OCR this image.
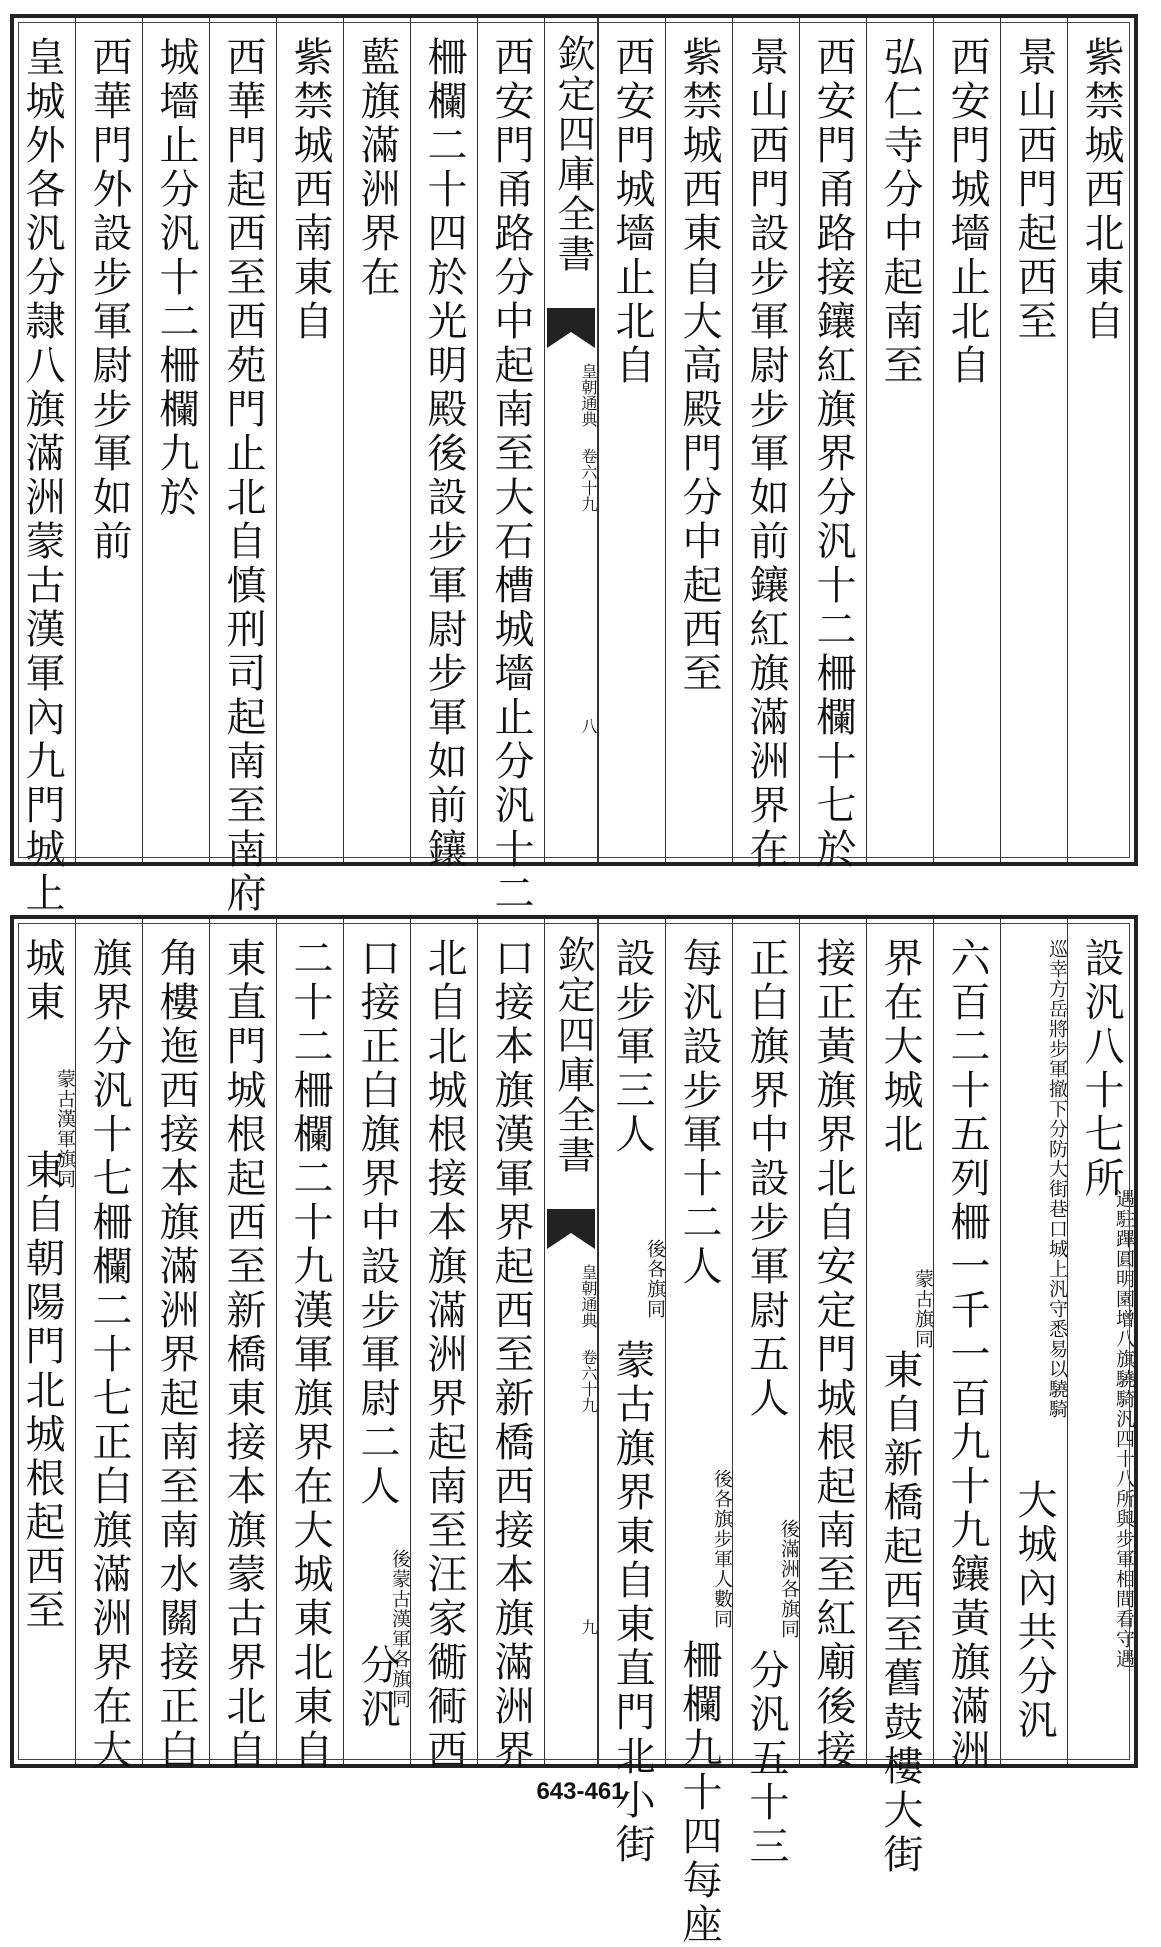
紫禁城西北東自
景山西門起西至
西安門城墻止北自
弘仁寺分中起南至
西安門甬路接鑲紅旗界分汎十二柵欄十七於
景山西門設步軍尉步軍如前鑲紅旗滿洲界在
紫禁城西東自大高殿門分中起西至
西安門城墻止北自
欽定四庫全書
皇朝通典
卷六十九
八
西安門甬路分中起南至大石槽城墻止分汎十二
柵欄二十四於光明殿後設步軍尉步軍如前鑲
藍旗滿洲界在
紫禁城西南東自
西華門起西至西苑門止北自慎刑司起南至南府
城墻止分汎十二柵欄九於
西華門外設步軍尉步軍如前
皇城外各汎分隷八旗滿洲蒙古漢軍內九門城上
設汎八十七所
遇駐蹕圓明園增八旗驍騎汎四十八所與步軍相間看守遇
巡幸方岳將步軍撤下分防大街巷口城上汎守悉易以驍騎
大城內共分汎
六百二十五列柵一千一百九十九鑲黃旗滿洲
界在大城北
蒙古旗同
東自新橋起西至舊鼓樓大街
接正黃旗界北自安定門城根起南至紅廟後接
正白旗界中設步軍尉五人
後滿洲各旗同
分汎五十三
每汎設步軍十二人
後各旗步軍人數同
柵欄九十四每座
設步軍三人
後各旗同
蒙古旗界東自東直門北小街
欽定四庫全書
皇朝通典
卷六十九
九
口接本旗漢軍界起西至新橋西接本旗滿洲界
北自北城根接本旗滿洲界起南至汪家衚衕西
口接正白旗界中設步軍尉二人
後蒙古漢軍各旗同
分汎
二十二柵欄二十九漢軍旗界在大城東北東自
東直門城根起西至新橋東接本旗蒙古界北自
角樓迤西接本旗滿洲界起南至南水關接正白
旗界分汎十七柵欄二十七正白旗滿洲界在大
城東
蒙古漢軍旗同
東自朝陽門北城根起西至
643-461
